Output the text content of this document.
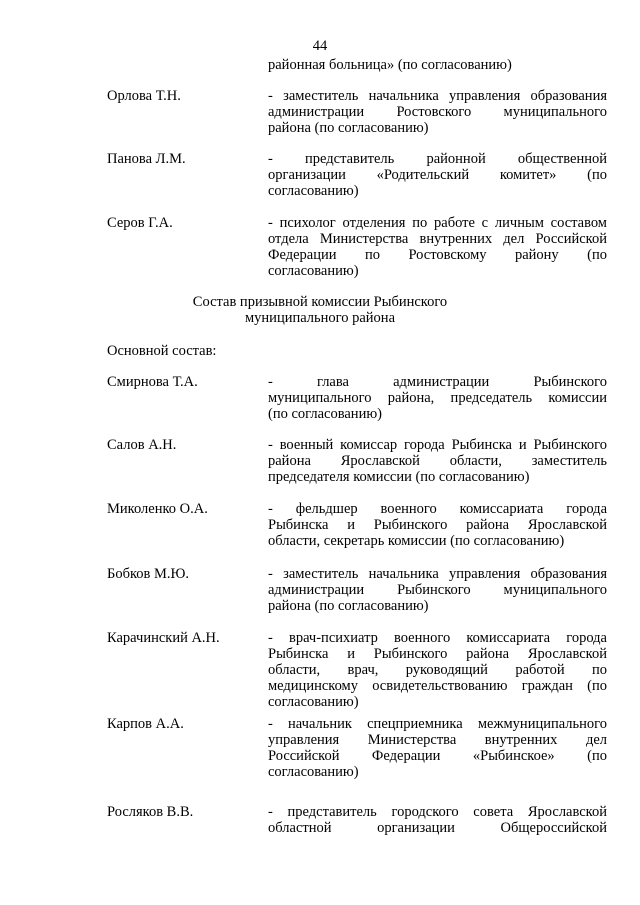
44
районная больница» (по согласованию)
Орлова Т.Н.	- заместитель начальника управления образования
администрации Ростовского муниципального
района (по согласованию)
Панова Л.М.	- представитель районной общественной
организации «Родительский комитет» (по
согласованию)
Серов Г.А.	- психолог отделения по работе с личным составом
отдела Министерства внутренних дел Российской
Федерации по Ростовскому району (по
согласованию)
Состав призывной комиссии Рыбинского
муниципального района
Основной состав:
Смирнова Т.А.	- глава администрации Рыбинского
муниципального района, председатель комиссии
(по согласованию)
Салов А.Н.	- военный комиссар города Рыбинска и Рыбинского
района Ярославской области, заместитель
председателя комиссии (по согласованию)
Миколенко О.А.	- фельдшер военного комиссариата города
Рыбинска и Рыбинского района Ярославской
области, секретарь комиссии (по согласованию)
Бобков М.Ю.	- заместитель начальника управления образования
администрации Рыбинского муниципального
района (по согласованию)
Карачинский А.Н.	- врач-психиатр военного комиссариата города
Рыбинска и Рыбинского района Ярославской
области, врач, руководящий работой по
медицинскому освидетельствованию граждан (по
согласованию)
Карпов А.А.	- начальник спецприемника межмуниципального
управления Министерства внутренних дел
Российской Федерации «Рыбинское» (по
согласованию)
Росляков В.В.	- представитель городского совета Ярославской
областной организации Общероссийской
